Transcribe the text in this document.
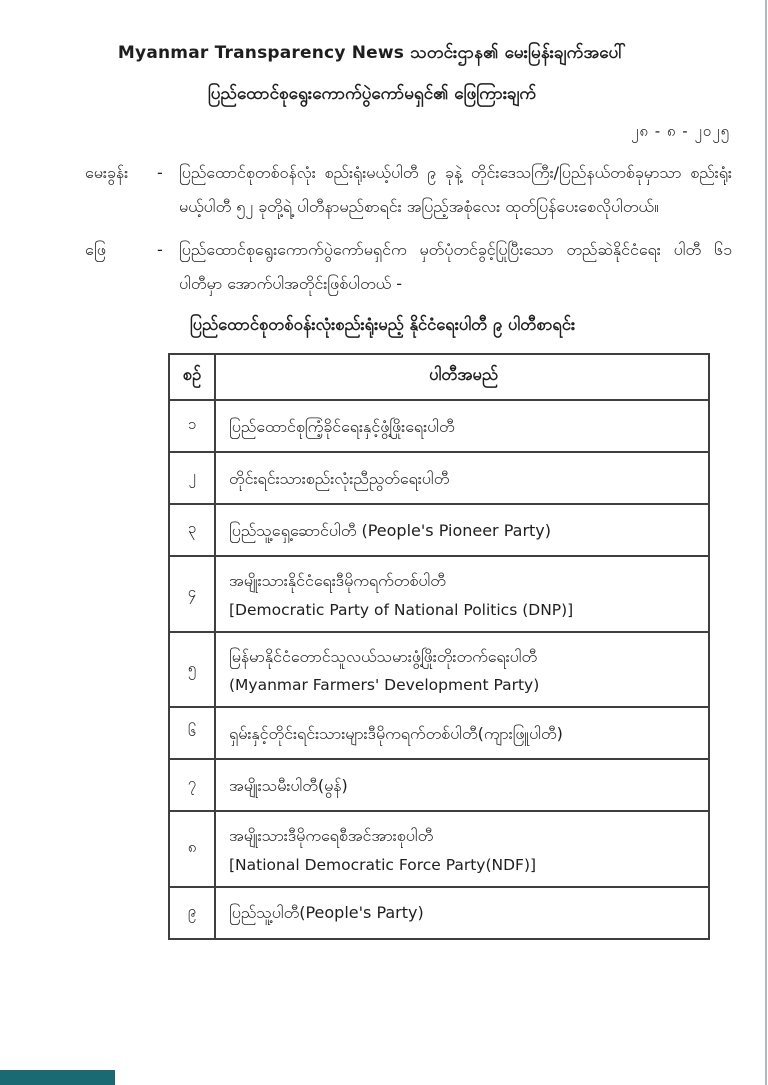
Myanmar Transparency News သတင်းဌာန၏ မေးမြန်းချက်အပေါ်
ပြည်ထောင်စုရွေးကောက်ပွဲကော်မရှင်၏ ဖြေကြားချက်
၂၈ - ၈ - ၂၀၂၅
မေးခွန်း	-	ပြည်ထောင်စုတစ်ဝန်လုံး စည်းရုံးမယ့်ပါတီ ၉ ခုနဲ့ တိုင်းဒေသကြီး/ပြည်နယ်တစ်ခုမှာသာ စည်းရုံးမယ့်ပါတီ ၅၂ ခုတို့ရဲ့ ပါတီနာမည်စာရင်း အပြည့်အစုံလေး ထုတ်ပြန်ပေးစေလိုပါတယ်။
ဖြေ	-	ပြည်ထောင်စုရွေးကောက်ပွဲကော်မရှင်က မှတ်ပုံတင်ခွင့်ပြုပြီးသော တည်ဆဲနိုင်ငံရေး ပါတီ ၆၁ ပါတီမှာ အောက်ပါအတိုင်းဖြစ်ပါတယ် -
ပြည်ထောင်စုတစ်ဝန်းလုံးစည်းရုံးမည့် နိုင်ငံရေးပါတီ ၉ ပါတီစာရင်း
စဉ်	ပါတီအမည်
၁	ပြည်ထောင်စုကြံ့ခိုင်ရေးနှင့်ဖွံ့ဖြိုးရေးပါတီ

၂	တိုင်းရင်းသားစည်းလုံးညီညွတ်ရေးပါတီ

၃	ပြည်သူ့ရှေ့ဆောင်ပါတီ (People's Pioneer Party)

၄	အမျိုးသားနိုင်ငံရေးဒီမိုကရက်တစ်ပါတီ
[Democratic Party of National Politics (DNP)]

၅	မြန်မာနိုင်ငံတောင်သူလယ်သမားဖွံ့ဖြိုးတိုးတက်ရေးပါတီ
(Myanmar Farmers' Development Party)

၆	ရှမ်းနှင့်တိုင်းရင်းသားများဒီမိုကရက်တစ်ပါတီ(ကျားဖြူပါတီ)

၇	အမျိုးသမီးပါတီ(မွန်)

၈	အမျိုးသားဒီမိုကရေစီအင်အားစုပါတီ
[National Democratic Force Party(NDF)]

၉	ပြည်သူ့ပါတီ(People's Party)
